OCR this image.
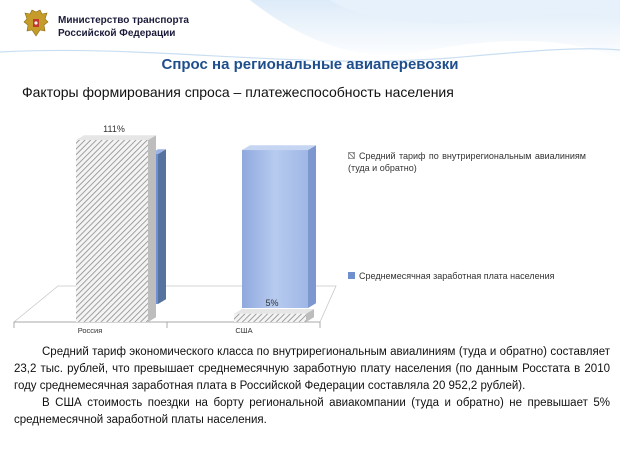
Министерство транспорта
Российской Федерации
Спрос на региональные авиаперевозки
Факторы формирования спроса – платежеспособность населения
111%
5%
Россия	США
Средний тариф по внутрирегиональным авиалиниям (туда и обратно)
Среднемесячная заработная плата населения

Средний тариф экономического класса по внутрирегиональным авиалиниям (туда и обратно) составляет 23,2 тыс. рублей, что превышает среднемесячную заработную плату населения (по данным Росстата в 2010 году среднемесячная заработная плата в Российской Федерации составляла 20 952,2 рублей).

В США стоимость поездки на борту региональной авиакомпании (туда и обратно) не превышает 5% среднемесячной заработной платы населения.
